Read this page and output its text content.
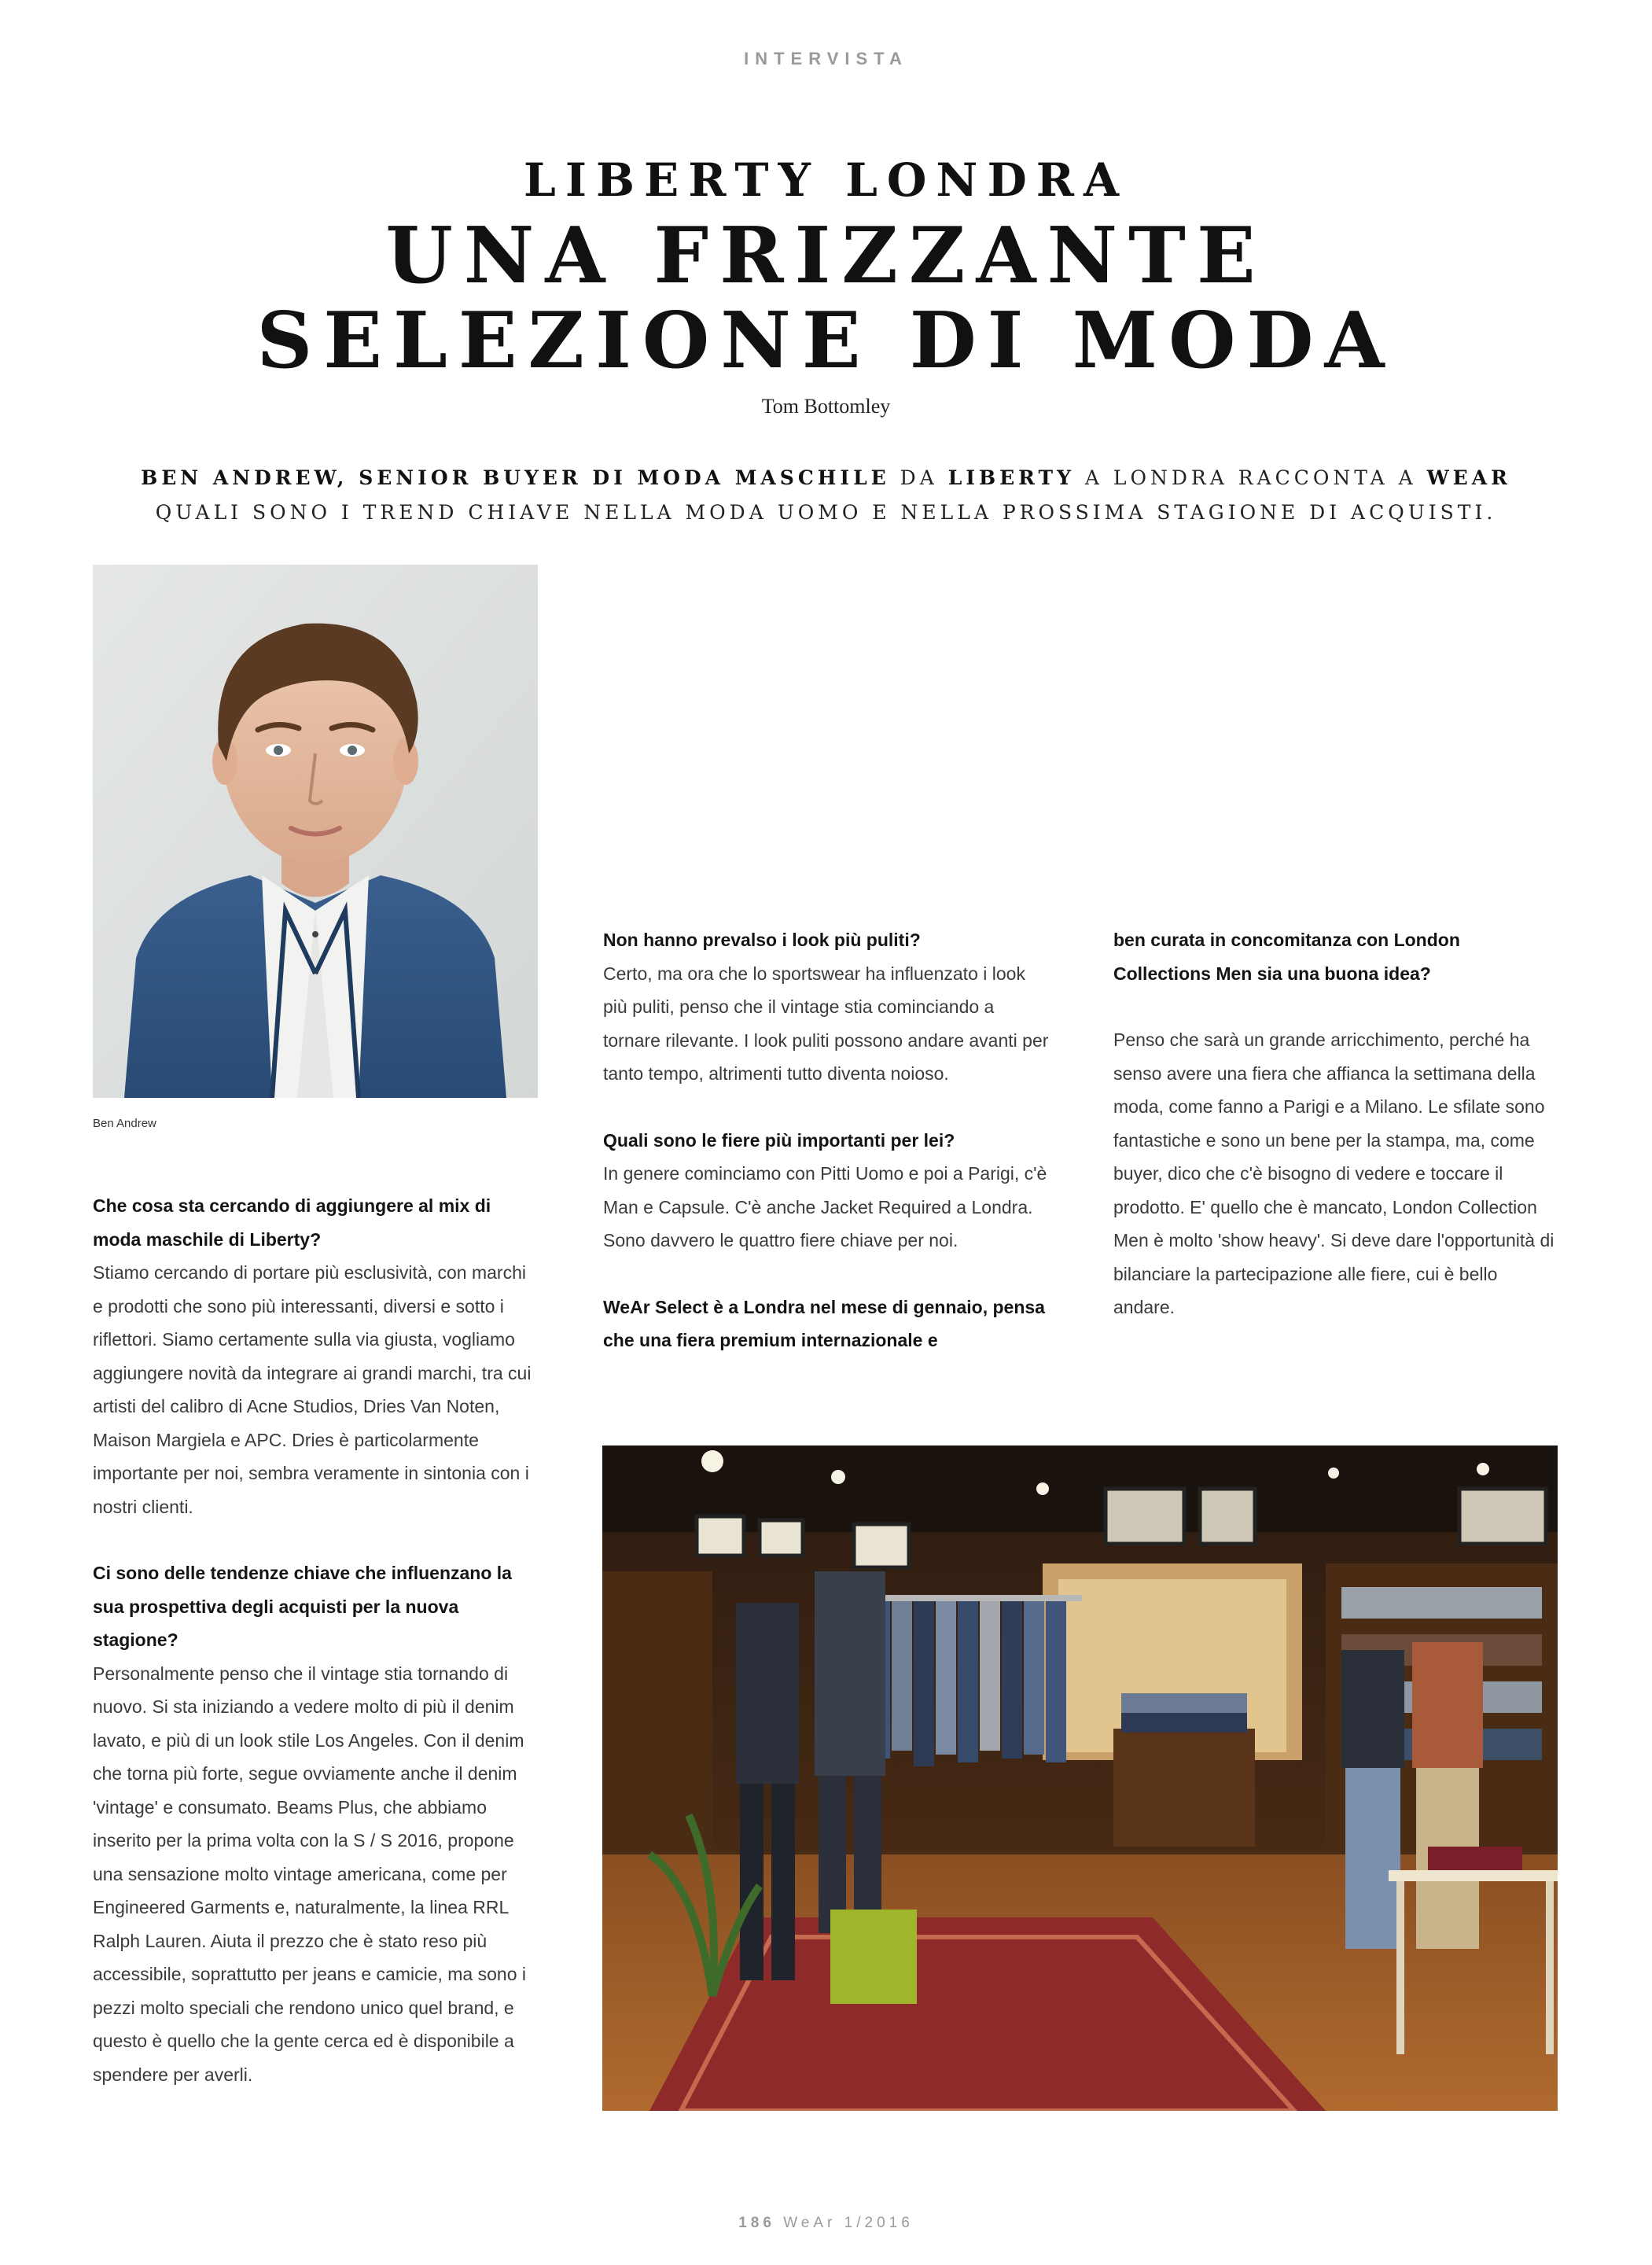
INTERVISTA
LIBERTY LONDRA
UNA FRIZZANTE
SELEZIONE DI MODA
Tom Bottomley
BEN ANDREW, SENIOR BUYER DI MODA MASCHILE DA LIBERTY A LONDRA RACCONTA A WEAR
QUALI SONO I TREND CHIAVE NELLA MODA UOMO E NELLA PROSSIMA STAGIONE DI ACQUISTI.
Ben Andrew
Che cosa sta cercando di aggiungere al mix di moda maschile di Liberty?
Stiamo cercando di portare più esclusività, con marchi e prodotti che sono più interessanti, diversi e sotto i riflettori. Siamo certamente sulla via giusta, vogliamo aggiungere novità da integrare ai grandi marchi, tra cui artisti del calibro di Acne Studios, Dries Van Noten, Maison Margiela e APC. Dries è particolarmente importante per noi, sembra veramente in sintonia con i nostri clienti.
Ci sono delle tendenze chiave che influenzano la sua prospettiva degli acquisti per la nuova stagione?
Personalmente penso che il vintage stia tornando di nuovo. Si sta iniziando a vedere molto di più il denim lavato, e più di un look stile Los Angeles. Con il denim che torna più forte, segue ovviamente anche il denim 'vintage' e consumato. Beams Plus, che abbiamo inserito per la prima volta con la S / S 2016, propone una sensazione molto vintage americana, come per Engineered Garments e, naturalmente, la linea RRL Ralph Lauren. Aiuta il prezzo che è stato reso più accessibile, soprattutto per jeans e camicie, ma sono i pezzi molto speciali che rendono unico quel brand, e questo è quello che la gente cerca ed è disponibile a spendere per averli.
Non hanno prevalso i look più puliti?
Certo, ma ora che lo sportswear ha influenzato i look più puliti, penso che il vintage stia cominciando a tornare rilevante. I look puliti possono andare avanti per tanto tempo, altrimenti tutto diventa noioso.
Quali sono le fiere più importanti per lei?
In genere cominciamo con Pitti Uomo e poi a Parigi, c'è Man e Capsule. C'è anche Jacket Required a Londra. Sono davvero le quattro fiere chiave per noi.
WeAr Select è a Londra nel mese di gennaio, pensa che una fiera premium internazionale e
ben curata in concomitanza con London Collections Men sia una buona idea?
Penso che sarà un grande arricchimento, perché ha senso avere una fiera che affianca la settimana della moda, come fanno a Parigi e a Milano. Le sfilate sono fantastiche e sono un bene per la stampa, ma, come buyer, dico che c'è bisogno di vedere e toccare il prodotto. E' quello che è mancato, London Collection Men è molto 'show heavy'. Si deve dare l'opportunità di bilanciare la partecipazione alle fiere, cui è bello andare.
186 WeAr 1/2016
